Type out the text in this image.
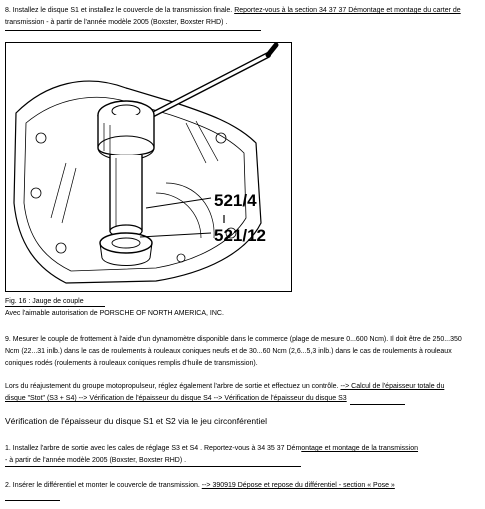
8. Installez le disque S1 et installez le couvercle de la transmission finale. Reportez-vous à la section 34 37 37 Démontage et montage du carter de
transmission - à partir de l'année modèle 2005 (Boxster, Boxster RHD) .
521/4
521/12
Fig. 16 : Jauge de couple
Avec l'aimable autorisation de PORSCHE OF NORTH AMERICA, INC.
9. Mesurer le couple de frottement à l'aide d'un dynamomètre disponible dans le commerce (plage de mesure 0...600 Ncm). Il doit être de 250...350
Ncm (22...31 inlb.) dans le cas de roulements à rouleaux coniques neufs et de 30...60 Ncm (2,6...5,3 inlb.) dans le cas de roulements à rouleaux
coniques rodés (roulements à rouleaux coniques remplis d'huile de transmission).
Lors du réajustement du groupe motopropulseur, réglez également l'arbre de sortie et effectuez un contrôle. --> Calcul de l'épaisseur totale du
disque "Stot" (S3 + S4) --> Vérification de l'épaisseur du disque S4 --> Vérification de l'épaisseur du disque S3
Vérification de l'épaisseur du disque S1 et S2 via le jeu circonférentiel
1. Installez l'arbre de sortie avec les cales de réglage S3 et S4 . Reportez-vous à 34 35 37 Démontage et montage de la transmission
- à partir de l'année modèle 2005 (Boxster, Boxster RHD) .
2. Insérer le différentiel et monter le couvercle de transmission. --> 390919 Dépose et repose du différentiel - section « Pose »
